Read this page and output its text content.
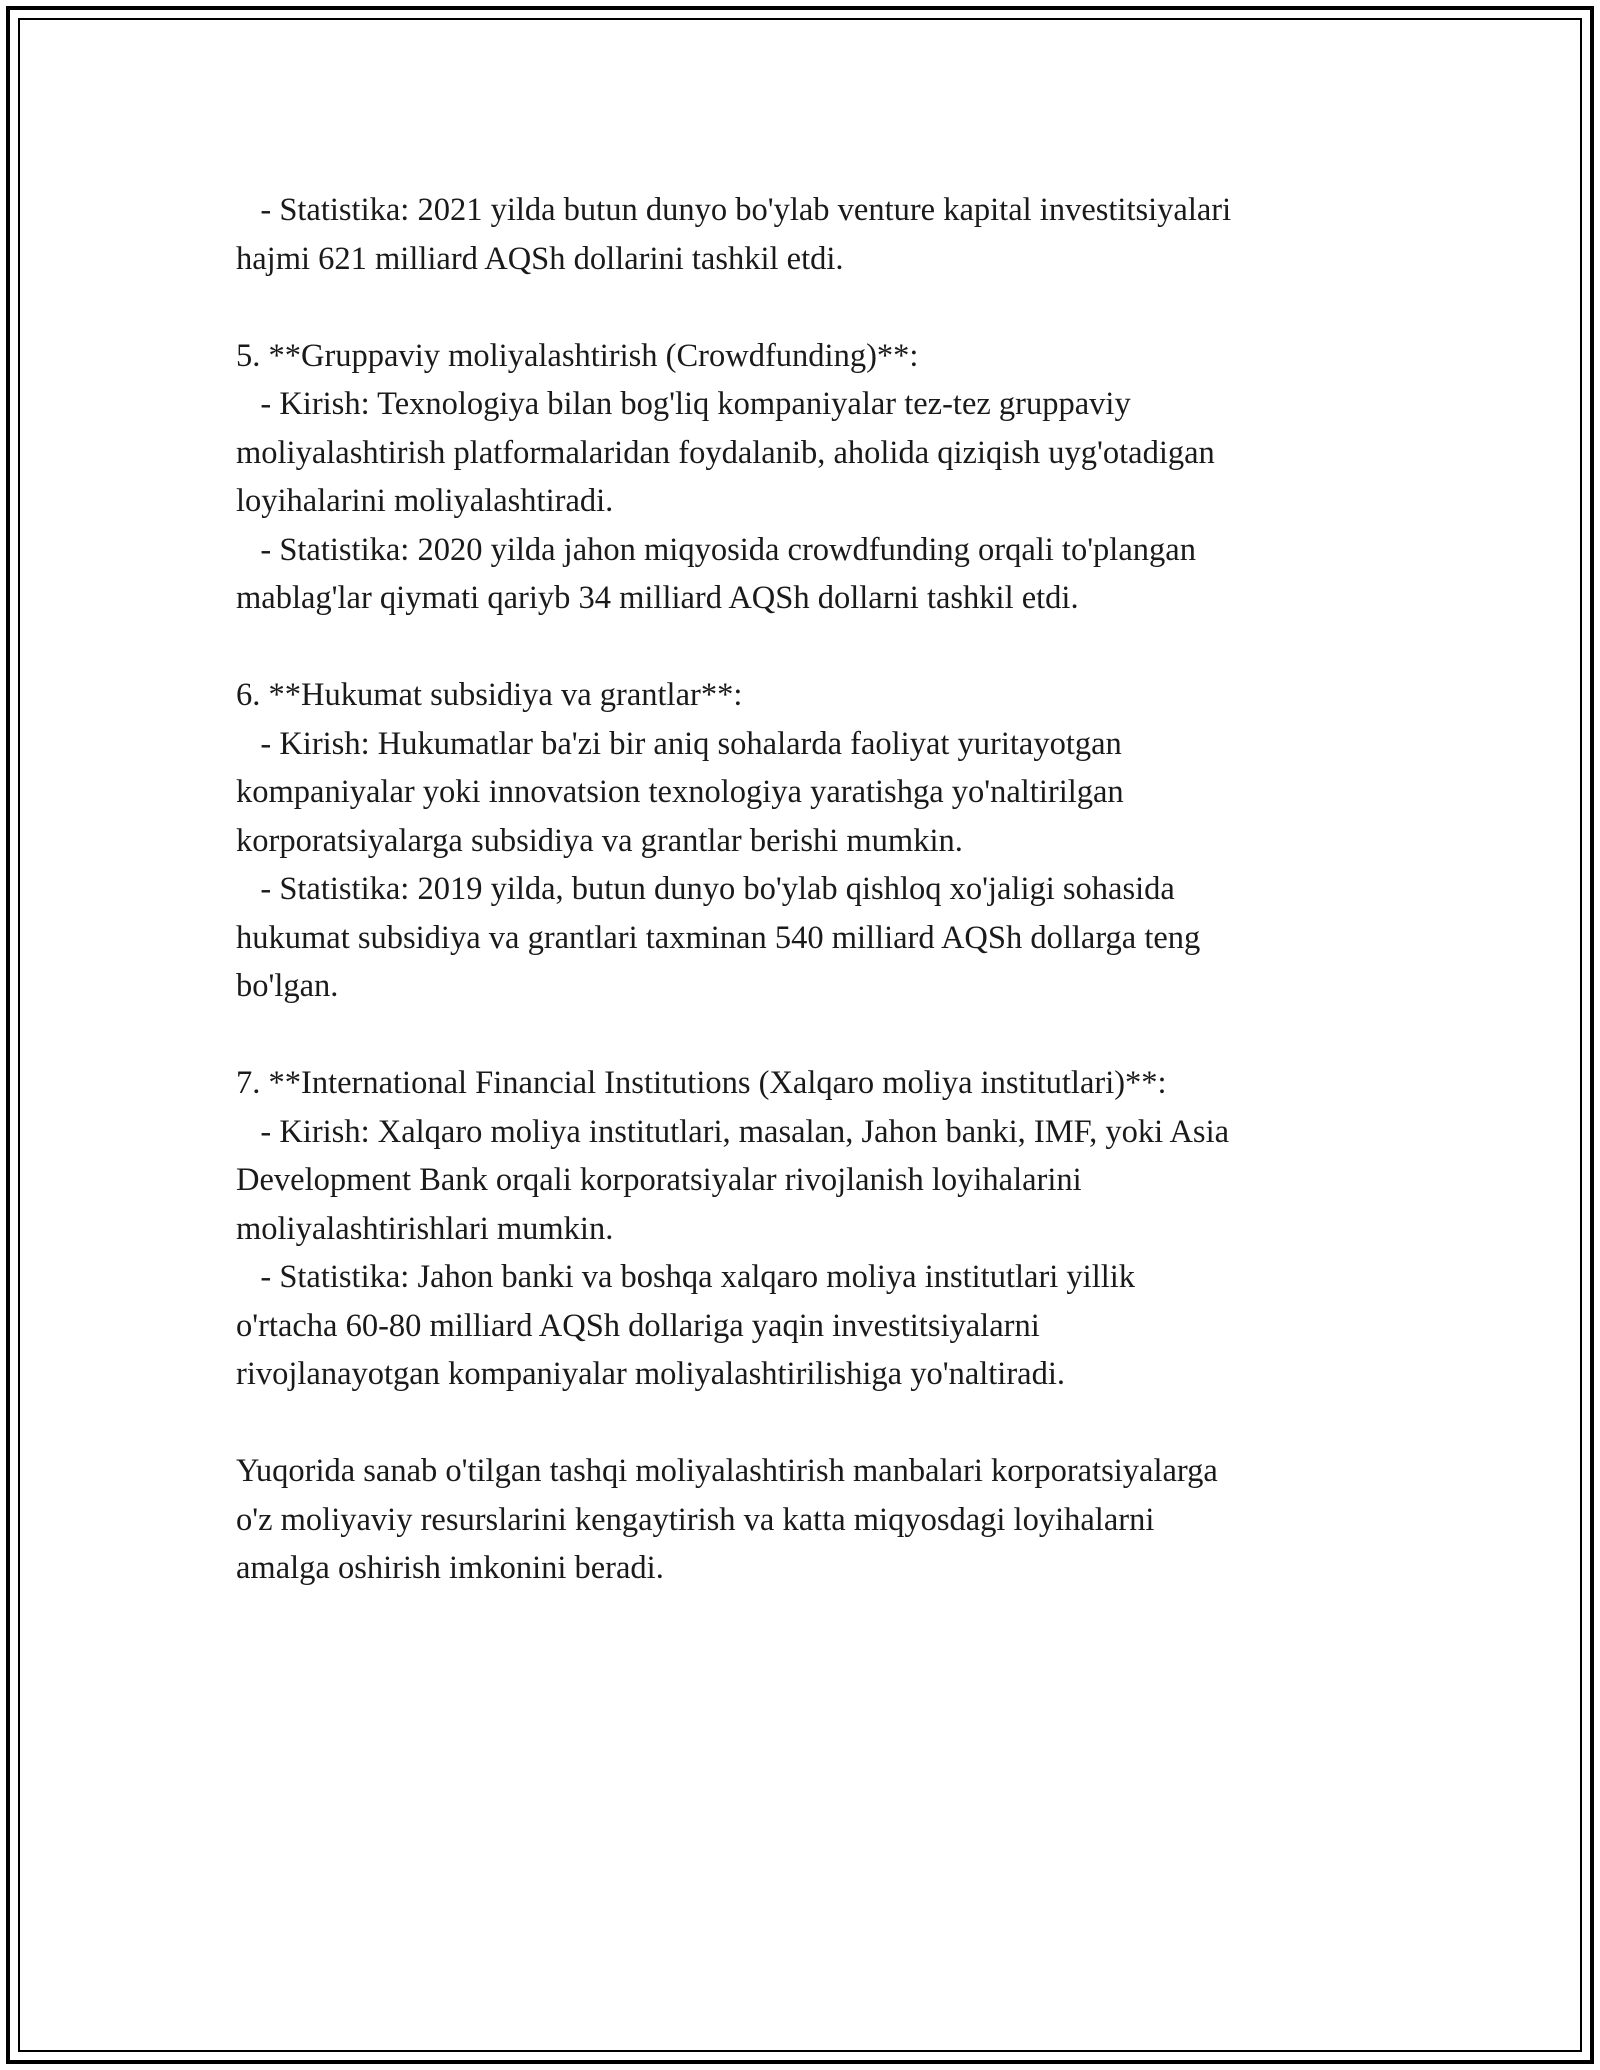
- Statistika: 2021 yilda butun dunyo bo'ylab venture kapital investitsiyalari
hajmi 621 milliard AQSh dollarini tashkil etdi.
5. **Gruppaviy moliyalashtirish (Crowdfunding)**:
- Kirish: Texnologiya bilan bog'liq kompaniyalar tez-tez gruppaviy
moliyalashtirish platformalaridan foydalanib, aholida qiziqish uyg'otadigan
loyihalarini moliyalashtiradi.
- Statistika: 2020 yilda jahon miqyosida crowdfunding orqali to'plangan
mablag'lar qiymati qariyb 34 milliard AQSh dollarni tashkil etdi.
6. **Hukumat subsidiya va grantlar**:
- Kirish: Hukumatlar ba'zi bir aniq sohalarda faoliyat yuritayotgan
kompaniyalar yoki innovatsion texnologiya yaratishga yo'naltirilgan
korporatsiyalarga subsidiya va grantlar berishi mumkin.
- Statistika: 2019 yilda, butun dunyo bo'ylab qishloq xo'jaligi sohasida
hukumat subsidiya va grantlari taxminan 540 milliard AQSh dollarga teng
bo'lgan.
7. **International Financial Institutions (Xalqaro moliya institutlari)**:
- Kirish: Xalqaro moliya institutlari, masalan, Jahon banki, IMF, yoki Asia
Development Bank orqali korporatsiyalar rivojlanish loyihalarini
moliyalashtirishlari mumkin.
- Statistika: Jahon banki va boshqa xalqaro moliya institutlari yillik
o'rtacha 60-80 milliard AQSh dollariga yaqin investitsiyalarni
rivojlanayotgan kompaniyalar moliyalashtirilishiga yo'naltiradi.
Yuqorida sanab o'tilgan tashqi moliyalashtirish manbalari korporatsiyalarga
o'z moliyaviy resurslarini kengaytirish va katta miqyosdagi loyihalarni
amalga oshirish imkonini beradi.
